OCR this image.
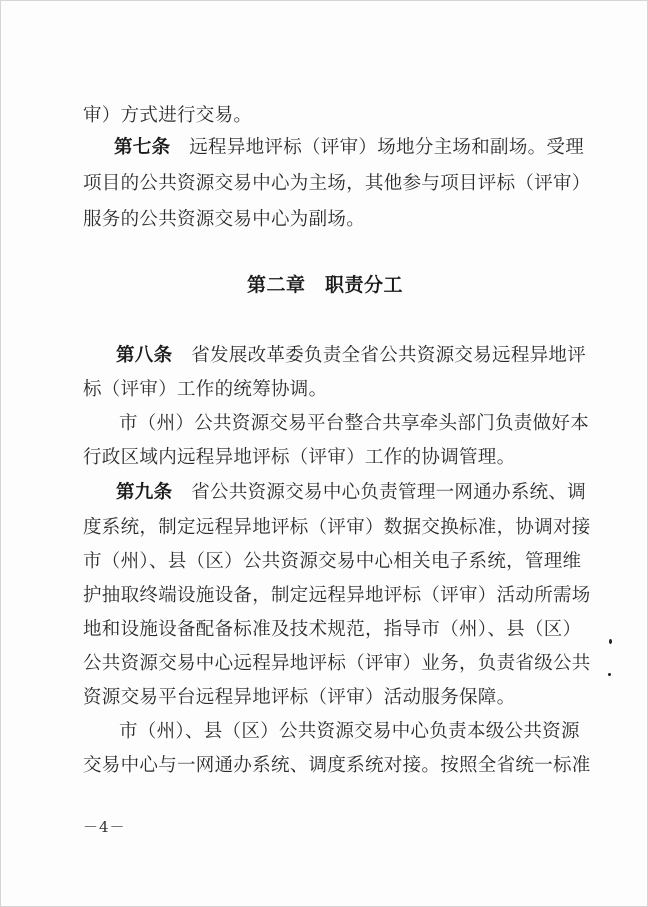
审）方式进行交易。
第七条　 远程异地评标（评审）场地分主场和副场。受理
项目的公共资源交易中心为主场，其他参与项目评标（评审）
服务的公共资源交易中心为副场。
第二章　职责分工
第八条　 省发展改革委负责全省公共资源交易远程异地评
标（评审）工作的统筹协调。
市（州）公共资源交易平台整合共享牵头部门负责做好本
行政区域内远程异地评标（评审）工作的协调管理。
第九条　 省公共资源交易中心负责管理一网通办系统、调
度系统，制定远程异地评标（评审）数据交换标准，协调对接
市（州）、县（区）公共资源交易中心相关电子系统，管理维
护抽取终端设施设备，制定远程异地评标（评审）活动所需场
地和设施设备配备标准及技术规范，指导市（州）、县（区）
公共资源交易中心远程异地评标（评审）业务，负责省级公共
资源交易平台远程异地评标（评审）活动服务保障。
市（州）、县（区）公共资源交易中心负责本级公共资源
交易中心与一网通办系统、调度系统对接。按照全省统一标准
－4－
